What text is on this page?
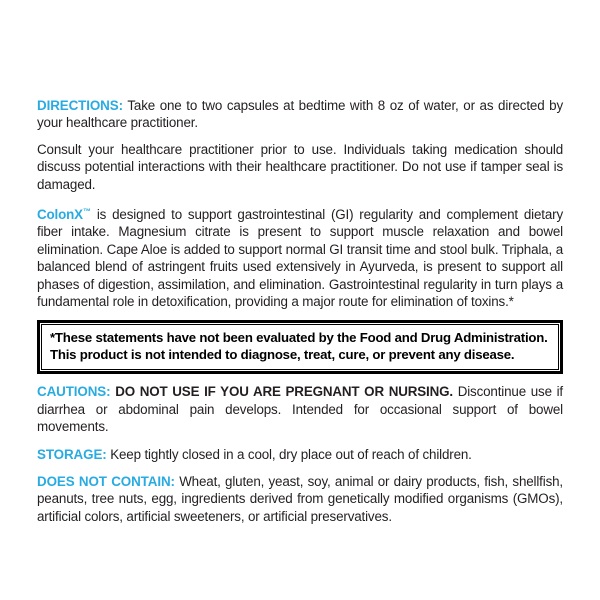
DIRECTIONS: Take one to two capsules at bedtime with 8 oz of water, or as directed by your healthcare practitioner.

Consult your healthcare practitioner prior to use. Individuals taking medication should discuss potential interactions with their healthcare practitioner. Do not use if tamper seal is damaged.

ColonX™ is designed to support gastrointestinal (GI) regularity and complement dietary fiber intake. Magnesium citrate is present to support muscle relaxation and bowel elimination. Cape Aloe is added to support normal GI transit time and stool bulk. Triphala, a balanced blend of astringent fruits used extensively in Ayurveda, is present to support all phases of digestion, assimilation, and elimination. Gastrointestinal regularity in turn plays a fundamental role in detoxification, providing a major route for elimination of toxins.*

*These statements have not been evaluated by the Food and Drug Administration.

This product is not intended to diagnose, treat, cure, or prevent any disease.

CAUTIONS: DO NOT USE IF YOU ARE PREGNANT OR NURSING. Discontinue use if diarrhea or abdominal pain develops. Intended for occasional support of bowel movements.

STORAGE: Keep tightly closed in a cool, dry place out of reach of children.

DOES NOT CONTAIN: Wheat, gluten, yeast, soy, animal or dairy products, fish, shellfish, peanuts, tree nuts, egg, ingredients derived from genetically modified organisms (GMOs), artificial colors, artificial sweeteners, or artificial preservatives.
